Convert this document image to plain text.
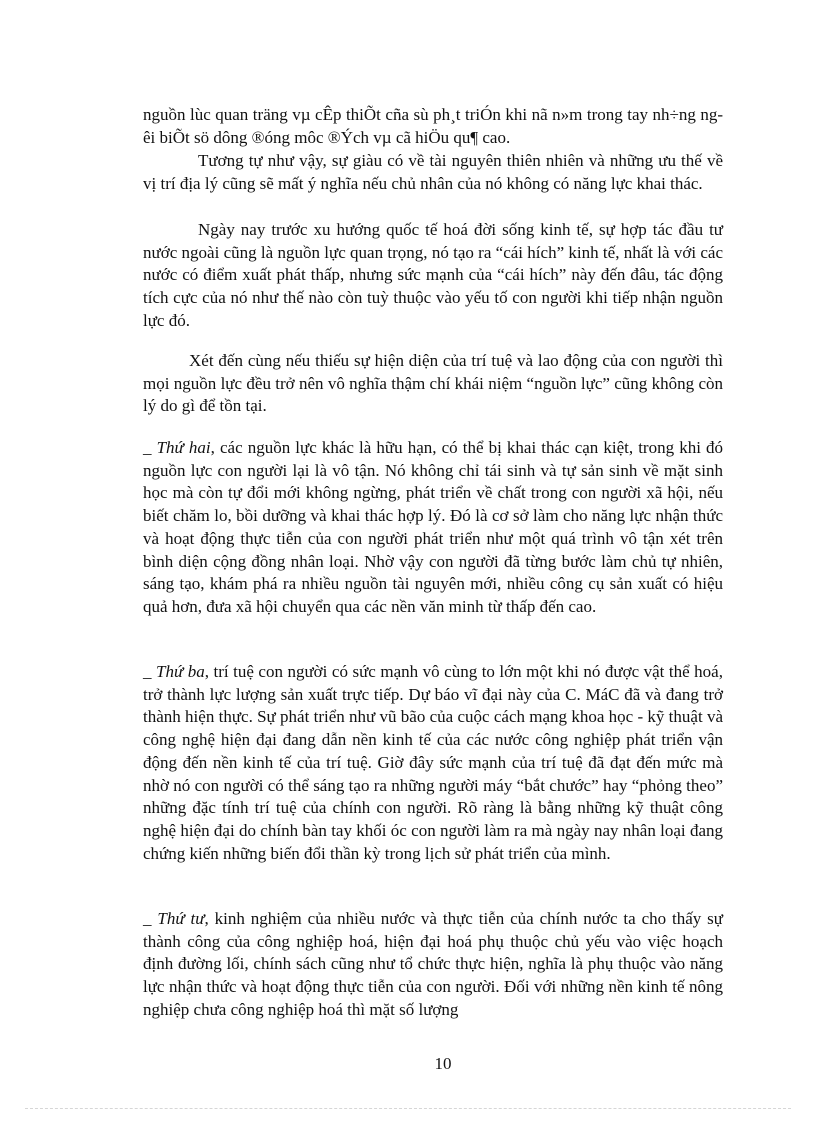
nguồn lùc quan träng vµ cÊp thiÕt cña sù ph¸t triÓn khi nã n»m trong tay nh÷ng ngêi biÕt sö dông ®óng môc ®Ých vµ cã hiÖu qu¶ cao.

Tương tự như vậy, sự giàu có về tài nguyên thiên nhiên và những ưu thế về vị trí địa lý cũng sẽ mất ý nghĩa nếu chủ nhân của nó không có năng lực khai thác.

Ngày nay trước xu hướng quốc tế hoá đời sống kinh tế, sự hợp tác đầu tư nước ngoài cũng là nguồn lực quan trọng, nó tạo ra “cái hích” kinh tế, nhất là với các nước có điểm xuất phát thấp, nhưng sức mạnh của “cái hích” này đến đâu, tác động tích cực của nó như thế nào còn tuỳ thuộc vào yếu tố con người khi tiếp nhận nguồn lực đó.

Xét đến cùng nếu thiếu sự hiện diện của trí tuệ và lao động của con người thì mọi nguồn lực đều trở nên vô nghĩa thậm chí khái niệm “nguồn lực” cũng không còn lý do gì để tồn tại.

_ Thứ hai, các nguồn lực khác là hữu hạn, có thể bị khai thác cạn kiệt, trong khi đó nguồn lực con người lại là vô tận. Nó không chỉ tái sinh và tự sản sinh về mặt sinh học mà còn tự đổi mới không ngừng, phát triển về chất trong con người xã hội, nếu biết chăm lo, bồi dưỡng và khai thác hợp lý. Đó là cơ sở làm cho năng lực nhận thức và hoạt động thực tiễn của con người phát triển như một quá trình vô tận xét trên bình diện cộng đồng nhân loại. Nhờ vậy con người đã từng bước làm chủ tự nhiên, sáng tạo, khám phá ra nhiều nguồn tài nguyên mới, nhiều công cụ sản xuất có hiệu quả hơn, đưa xã hội chuyển qua các nền văn minh từ thấp đến cao.

_ Thứ ba, trí tuệ con người có sức mạnh vô cùng to lớn một khi nó được vật thể hoá, trở thành lực lượng sản xuất trực tiếp. Dự báo vĩ đại này của C. MáC đã và đang trở thành hiện thực. Sự phát triển như vũ bão của cuộc cách mạng khoa học - kỹ thuật và công nghệ hiện đại đang dẫn nền kinh tế của các nước công nghiệp phát triển vận động đến nền kinh tế của trí tuệ. Giờ đây sức mạnh của trí tuệ đã đạt đến mức mà nhờ nó con người có thể sáng tạo ra những người máy “bắt chước” hay “phỏng theo” những đặc tính trí tuệ của chính con người. Rõ ràng là bằng những kỹ thuật công nghệ hiện đại do chính bàn tay khối óc con người làm ra mà ngày nay nhân loại đang chứng kiến những biến đổi thần kỳ trong lịch sử phát triển của mình.

_ Thứ tư, kinh nghiệm của nhiều nước và thực tiễn của chính nước ta cho thấy sự thành công của công nghiệp hoá, hiện đại hoá phụ thuộc chủ yếu vào việc hoạch định đường lối, chính sách cũng như tổ chức thực hiện, nghĩa là phụ thuộc vào năng lực nhận thức và hoạt động thực tiễn của con người. Đối với những nền kinh tế nông nghiệp chưa công nghiệp hoá thì mặt số lượng

10
